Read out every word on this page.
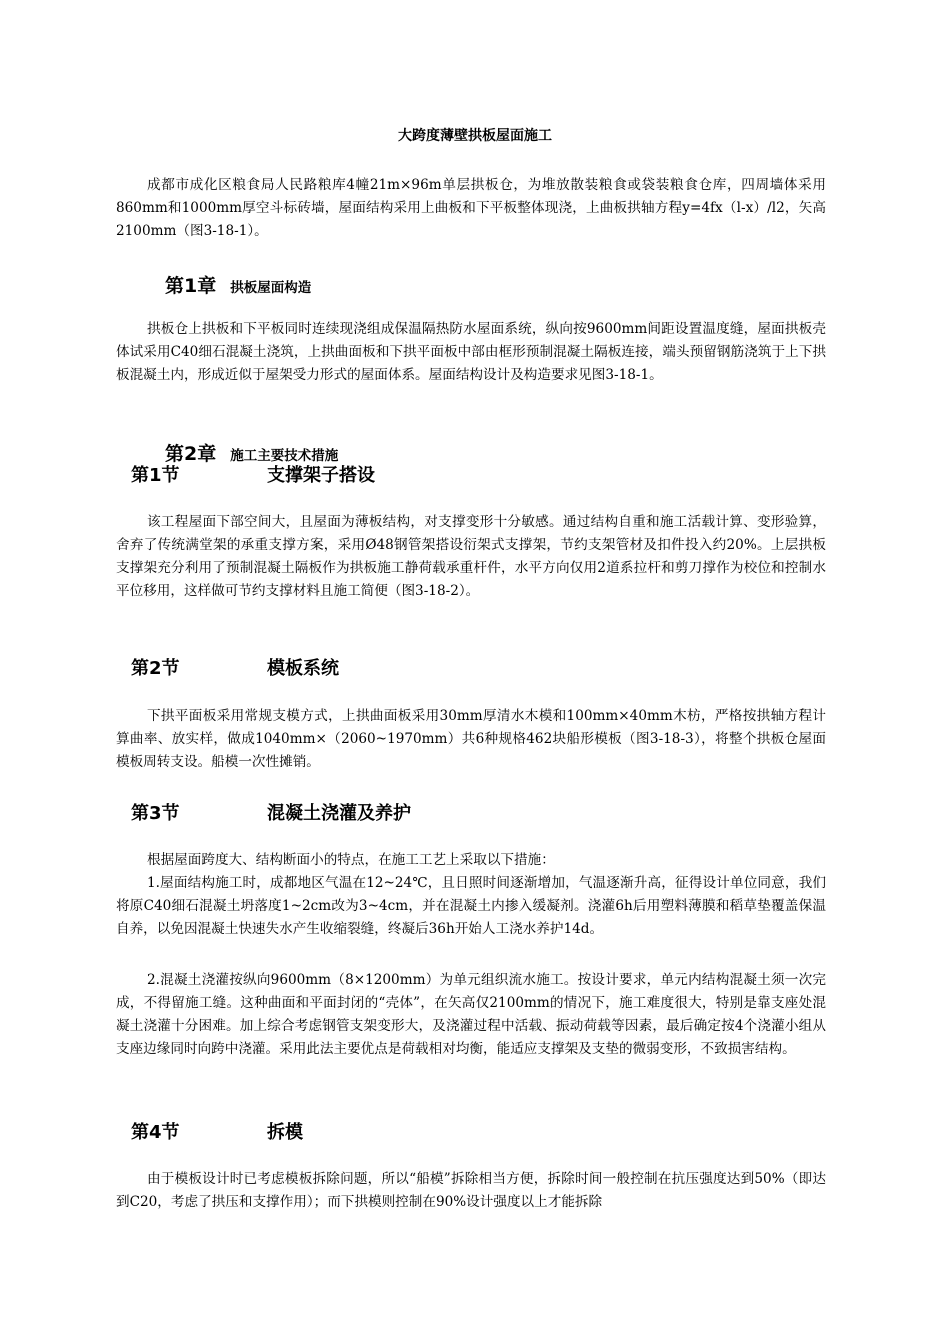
大跨度薄壁拱板屋面施工

成都市成化区粮食局人民路粮库4幢21m×96m单层拱板仓，为堆放散装粮食或袋装粮食仓库，四周墙体采用860mm和1000mm厚空斗标砖墙，屋面结构采用上曲板和下平板整体现浇，上曲板拱轴方程y=4fx（l-x）/l2，矢高2100mm（图3-18-1）。

第1章 拱板屋面构造

拱板仓上拱板和下平板同时连续现浇组成保温隔热防水屋面系统，纵向按9600mm间距设置温度缝，屋面拱板壳体试采用C40细石混凝土浇筑，上拱曲面板和下拱平面板中部由框形预制混凝土隔板连接，端头预留钢筋浇筑于上下拱板混凝土内，形成近似于屋架受力形式的屋面体系。屋面结构设计及构造要求见图3-18-1。

第2章 施工主要技术措施
第1节	支撑架子搭设

该工程屋面下部空间大，且屋面为薄板结构，对支撑变形十分敏感。通过结构自重和施工活载计算、变形验算，舍弃了传统满堂架的承重支撑方案，采用Ø48钢管架搭设衍架式支撑架，节约支架管材及扣件投入约20%。上层拱板支撑架充分利用了预制混凝土隔板作为拱板施工静荷载承重杆件，水平方向仅用2道系拉杆和剪刀撑作为校位和控制水平位移用，这样做可节约支撑材料且施工简便（图3-18-2）。

第2节	模板系统

下拱平面板采用常规支模方式，上拱曲面板采用30mm厚清水木模和100mm×40mm木枋，严格按拱轴方程计算曲率、放实样，做成1040mm×（2060~1970mm）共6种规格462块船形模板（图3-18-3），将整个拱板仓屋面模板周转支设。船模一次性摊销。

第3节	混凝土浇灌及养护

根据屋面跨度大、结构断面小的特点，在施工工艺上采取以下措施：

1.屋面结构施工时，成都地区气温在12~24℃，且日照时间逐渐增加，气温逐渐升高，征得设计单位同意，我们将原C40细石混凝土坍落度1~2cm改为3~4cm，并在混凝土内掺入缓凝剂。浇灌6h后用塑料薄膜和稻草垫覆盖保温自养，以免因混凝土快速失水产生收缩裂缝，终凝后36h开始人工浇水养护14d。

2.混凝土浇灌按纵向9600mm（8×1200mm）为单元组织流水施工。按设计要求，单元内结构混凝土须一次完成，不得留施工缝。这种曲面和平面封闭的“壳体”，在矢高仅2100mm的情况下，施工难度很大，特别是靠支座处混凝土浇灌十分困难。加上综合考虑钢管支架变形大，及浇灌过程中活载、振动荷载等因素，最后确定按4个浇灌小组从支座边缘同时向跨中浇灌。采用此法主要优点是荷载相对均衡，能适应支撑架及支垫的微弱变形，不致损害结构。

第4节	拆模

由于模板设计时已考虑模板拆除问题，所以“船模”拆除相当方便，拆除时间一般控制在抗压强度达到50%（即达到C20，考虑了拱压和支撑作用）；而下拱模则控制在90%设计强度以上才能拆除
